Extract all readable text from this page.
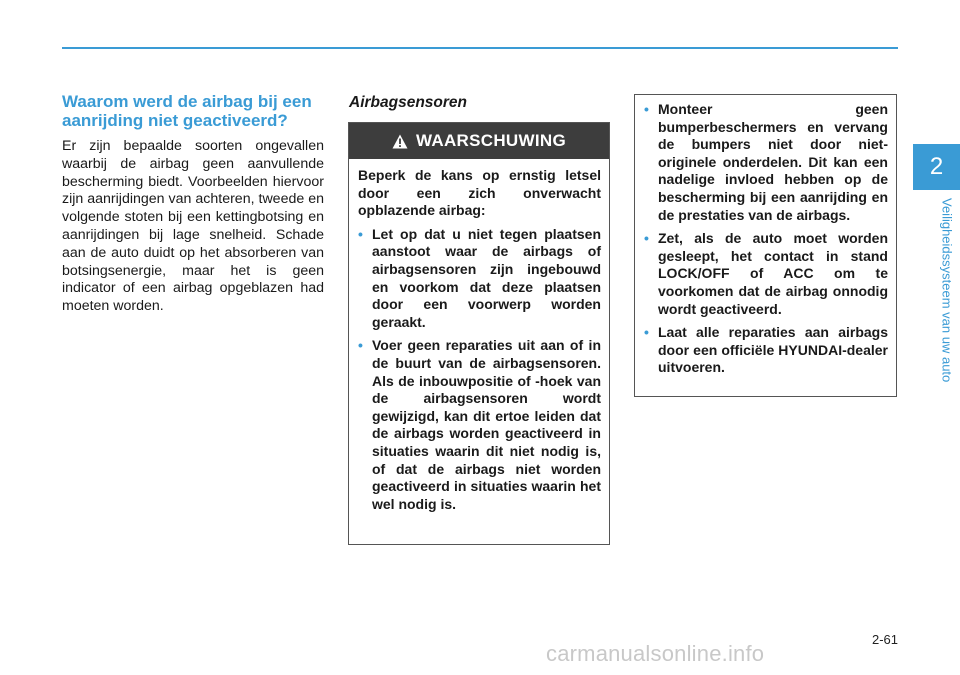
2
Veiligheidssysteem van uw auto
Waarom werd de airbag bij een aanrijding niet geactiveerd?

Er zijn bepaalde soorten ongevallen waarbij de airbag geen aanvullende bescherming biedt. Voorbeelden hiervoor zijn aanrijdingen van achteren, tweede en volgende stoten bij een kettingbotsing en aanrijdingen bij lage snelheid. Schade aan de auto duidt op het absorberen van botsingsenergie, maar het is geen indicator of een airbag opgeblazen had moeten worden.

Airbagsensoren
WAARSCHUWING

Beperk de kans op ernstig letsel door een zich onverwacht opblazende airbag:

• Let op dat u niet tegen plaatsen aanstoot waar de airbags of airbagsensoren zijn ingebouwd en voorkom dat deze plaatsen door een voorwerp worden geraakt.
• Voer geen reparaties uit aan of in de buurt van de airbagsensoren. Als de inbouwpositie of -hoek van de airbagsensoren wordt gewijzigd, kan dit ertoe leiden dat de airbags worden geactiveerd in situaties waarin dit niet nodig is, of dat de airbags niet worden geactiveerd in situaties waarin het wel nodig is.
• Monteer geen bumperbeschermers en vervang de bumpers niet door niet-originele onderdelen. Dit kan een nadelige invloed hebben op de bescherming bij een aanrijding en de prestaties van de airbags.
• Zet, als de auto moet worden gesleept, het contact in stand LOCK/OFF of ACC om te voorkomen dat de airbag onnodig wordt geactiveerd.
• Laat alle reparaties aan airbags door een officiële HYUNDAI-dealer uitvoeren.
2-61
carmanualsonline.info
